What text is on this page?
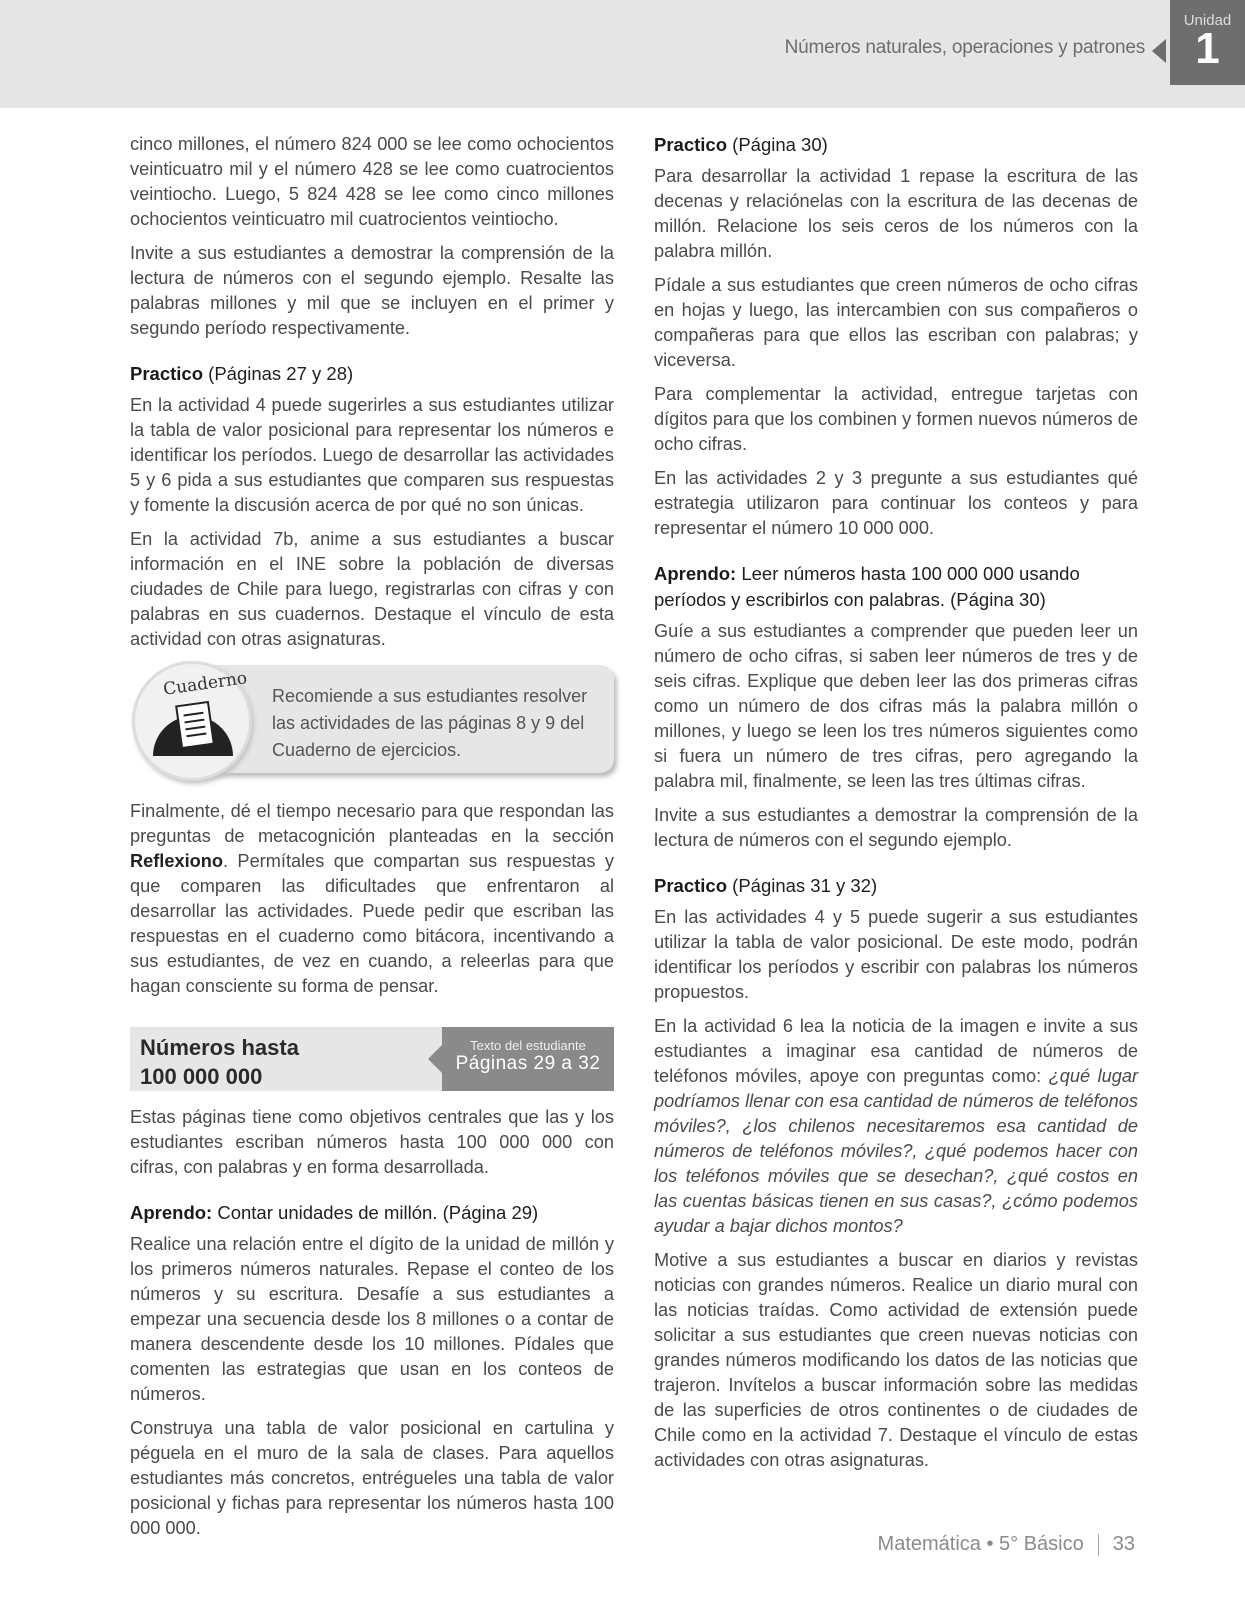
Números naturales, operaciones y patrones
Unidad
1

cinco millones, el número 824 000 se lee como ochocientos veinticuatro mil y el número 428 se lee como cuatrocientos veintiocho. Luego, 5 824 428 se lee como cinco millones ochocientos veinticuatro mil cuatrocientos veintiocho.

Invite a sus estudiantes a demostrar la comprensión de la lectura de números con el segundo ejemplo. Resalte las palabras millones y mil que se incluyen en el primer y segundo período respectivamente.

Practico (Páginas 27 y 28)

En la actividad 4 puede sugerirles a sus estudiantes utilizar la tabla de valor posicional para representar los números e identificar los períodos. Luego de desarrollar las actividades 5 y 6 pida a sus estudiantes que comparen sus respuestas y fomente la discusión acerca de por qué no son únicas.

En la actividad 7b, anime a sus estudiantes a buscar información en el INE sobre la población de diversas ciudades de Chile para luego, registrarlas con cifras y con palabras en sus cuadernos. Destaque el vínculo de esta actividad con otras asignaturas.

Recomiende a sus estudiantes resolver las actividades de las páginas 8 y 9 del Cuaderno de ejercicios.
Cuaderno

Finalmente, dé el tiempo necesario para que respondan las preguntas de metacognición planteadas en la sección Reflexiono. Permítales que compartan sus respuestas y que comparen las dificultades que enfrentaron al desarrollar las actividades. Puede pedir que escriban las respuestas en el cuaderno como bitácora, incentivando a sus estudiantes, de vez en cuando, a releerlas para que hagan consciente su forma de pensar.

Números hasta
100 000 000
Texto del estudiante
Páginas 29 a 32

Estas páginas tiene como objetivos centrales que las y los estudiantes escriban números hasta 100 000 000 con cifras, con palabras y en forma desarrollada.

Aprendo: Contar unidades de millón. (Página 29)

Realice una relación entre el dígito de la unidad de millón y los primeros números naturales. Repase el conteo de los números y su escritura. Desafíe a sus estudiantes a empezar una secuencia desde los 8 millones o a contar de manera descendente desde los 10 millones. Pídales que comenten las estrategias que usan en los conteos de números.

Construya una tabla de valor posicional en cartulina y péguela en el muro de la sala de clases. Para aquellos estudiantes más concretos, entrégueles una tabla de valor posicional y fichas para representar los números hasta 100 000 000.

Practico (Página 30)

Para desarrollar la actividad 1 repase la escritura de las decenas y relaciónelas con la escritura de las decenas de millón. Relacione los seis ceros de los números con la palabra millón.

Pídale a sus estudiantes que creen números de ocho cifras en hojas y luego, las intercambien con sus compañeros o compañeras para que ellos las escriban con palabras; y viceversa.

Para complementar la actividad, entregue tarjetas con dígitos para que los combinen y formen nuevos números de ocho cifras.

En las actividades 2 y 3 pregunte a sus estudiantes qué estrategia utilizaron para continuar los conteos y para representar el número 10 000 000.

Aprendo: Leer números hasta 100 000 000 usando períodos y escribirlos con palabras. (Página 30)

Guíe a sus estudiantes a comprender que pueden leer un número de ocho cifras, si saben leer números de tres y de seis cifras. Explique que deben leer las dos primeras cifras como un número de dos cifras más la palabra millón o millones, y luego se leen los tres números siguientes como si fuera un número de tres cifras, pero agregando la palabra mil, finalmente, se leen las tres últimas cifras.

Invite a sus estudiantes a demostrar la comprensión de la lectura de números con el segundo ejemplo.

Practico (Páginas 31 y 32)

En las actividades 4 y 5 puede sugerir a sus estudiantes utilizar la tabla de valor posicional. De este modo, podrán identificar los períodos y escribir con palabras los números propuestos.

En la actividad 6 lea la noticia de la imagen e invite a sus estudiantes a imaginar esa cantidad de números de teléfonos móviles, apoye con preguntas como: ¿qué lugar podríamos llenar con esa cantidad de números de teléfonos móviles?, ¿los chilenos necesitaremos esa cantidad de números de teléfonos móviles?, ¿qué podemos hacer con los teléfonos móviles que se desechan?, ¿qué costos en las cuentas básicas tienen en sus casas?, ¿cómo podemos ayudar a bajar dichos montos?

Motive a sus estudiantes a buscar en diarios y revistas noticias con grandes números. Realice un diario mural con las noticias traídas. Como actividad de extensión puede solicitar a sus estudiantes que creen nuevas noticias con grandes números modificando los datos de las noticias que trajeron. Invítelos a buscar información sobre las medidas de las superficies de otros continentes o de ciudades de Chile como en la actividad 7. Destaque el vínculo de estas actividades con otras asignaturas.

Matemática • 5° Básico 33
